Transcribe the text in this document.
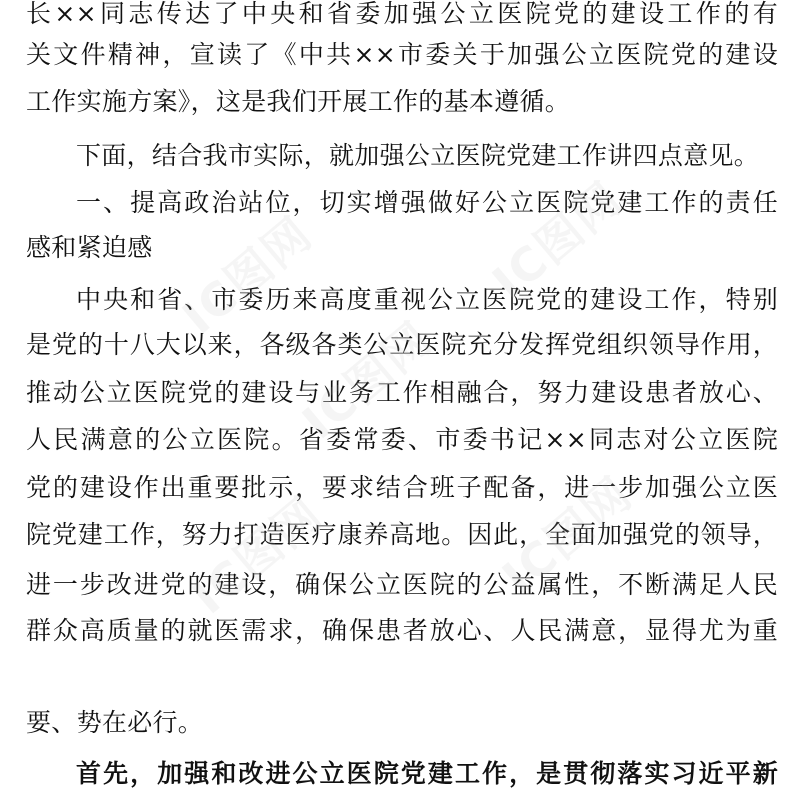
长××同志传达了中央和省委加强公立医院党的建设工作的有
关文件精神，宣读了《中共××市委关于加强公立医院党的建设
工作实施方案》，这是我们开展工作的基本遵循。
下面，结合我市实际，就加强公立医院党建工作讲四点意见。
一、提高政治站位，切实增强做好公立医院党建工作的责任
感和紧迫感
中央和省、市委历来高度重视公立医院党的建设工作，特别
是党的十八大以来，各级各类公立医院充分发挥党组织领导作用，
推动公立医院党的建设与业务工作相融合，努力建设患者放心、
人民满意的公立医院。省委常委、市委书记××同志对公立医院
党的建设作出重要批示，要求结合班子配备，进一步加强公立医
院党建工作，努力打造医疗康养高地。因此，全面加强党的领导，
进一步改进党的建设，确保公立医院的公益属性，不断满足人民
群众高质量的就医需求，确保患者放心、人民满意，显得尤为重
要、势在必行。
首先，加强和改进公立医院党建工作，是贯彻落实习近平新
IC图网	IC图网
IC图网
IC图网	IC图网
